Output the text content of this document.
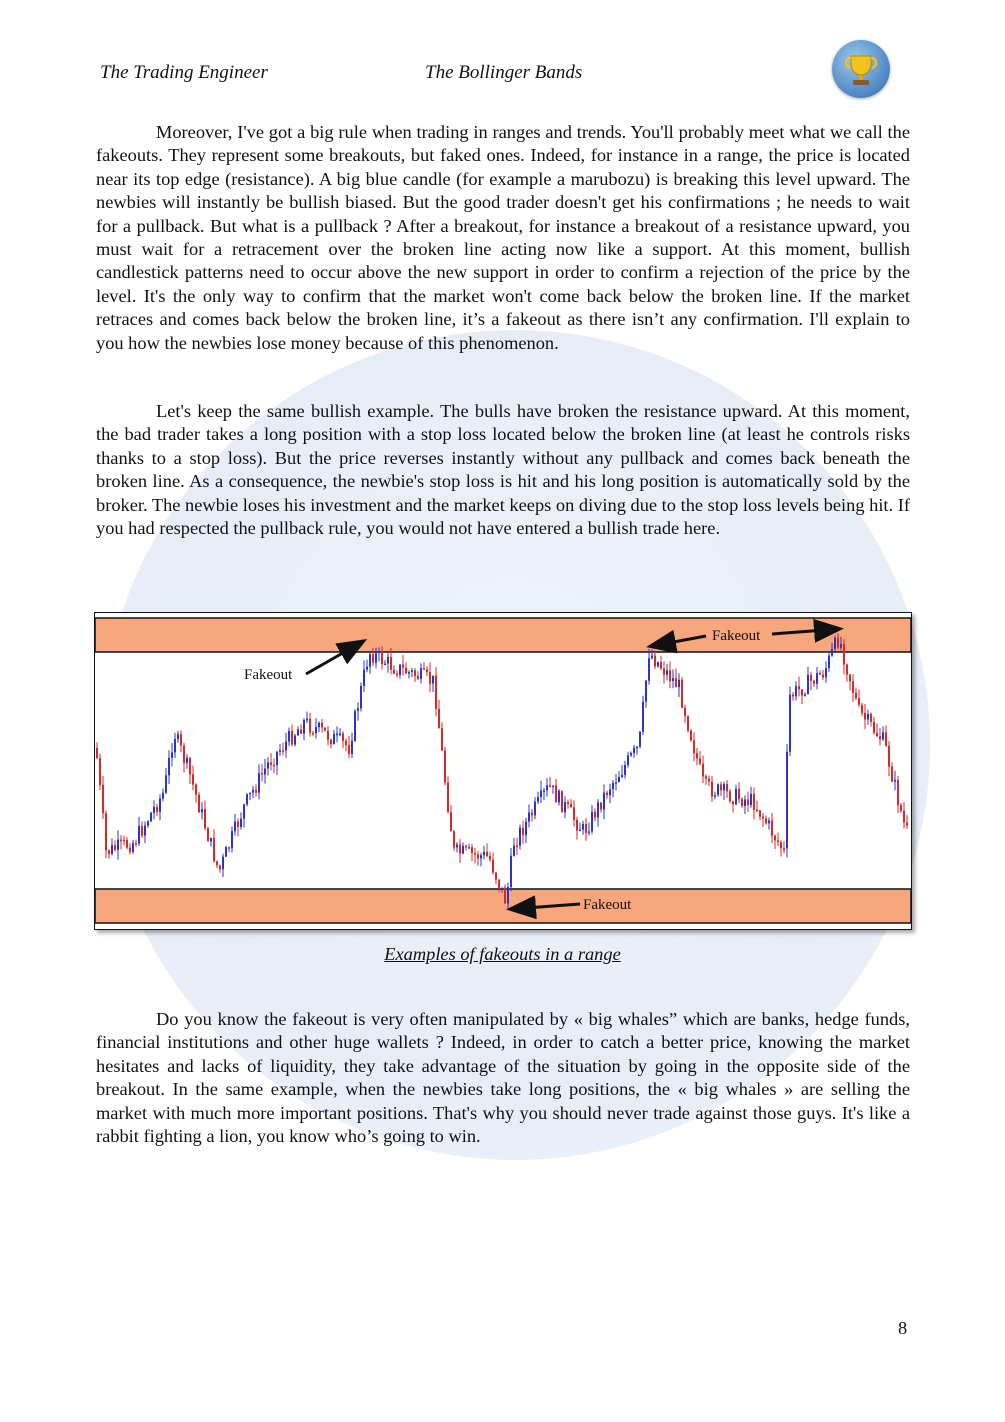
The Trading Engineer	The Bollinger Bands

Moreover, I've got a big rule when trading in ranges and trends. You'll probably meet what we call the fakeouts. They represent some breakouts, but faked ones. Indeed, for instance in a range, the price is located near its top edge (resistance). A big blue candle (for example a marubozu) is breaking this level upward. The newbies will instantly be bullish biased. But the good trader doesn't get his confirmations ; he needs to wait for a pullback. But what is a pullback ? After a breakout, for instance a breakout of a resistance upward, you must wait for a retracement over the broken line acting now like a support. At this moment, bullish candlestick patterns need to occur above the new support in order to confirm a rejection of the price by the level. It's the only way to confirm that the market won't come back below the broken line. If the market retraces and comes back below the broken line, it’s a fakeout as there isn’t any confirmation. I'll explain to you how the newbies lose money because of this phenomenon.

Let's keep the same bullish example. The bulls have broken the resistance upward. At this moment, the bad trader takes a long position with a stop loss located below the broken line (at least he controls risks thanks to a stop loss). But the price reverses instantly without any pullback and comes back beneath the broken line. As a consequence, the newbie's stop loss is hit and his long position is automatically sold by the broker. The newbie loses his investment and the market keeps on diving due to the stop loss levels being hit. If you had respected the pullback rule, you would not have entered a bullish trade here.

Fakeout
Fakeout
Fakeout
Examples of fakeouts in a range

Do you know the fakeout is very often manipulated by « big whales” which are banks, hedge funds, financial institutions and other huge wallets ? Indeed, in order to catch a better price, knowing the market hesitates and lacks of liquidity, they take advantage of the situation by going in the opposite side of the breakout. In the same example, when the newbies take long positions, the « big whales » are selling the market with much more important positions. That's why you should never trade against those guys. It's like a rabbit fighting a lion, you know who’s going to win.

8
